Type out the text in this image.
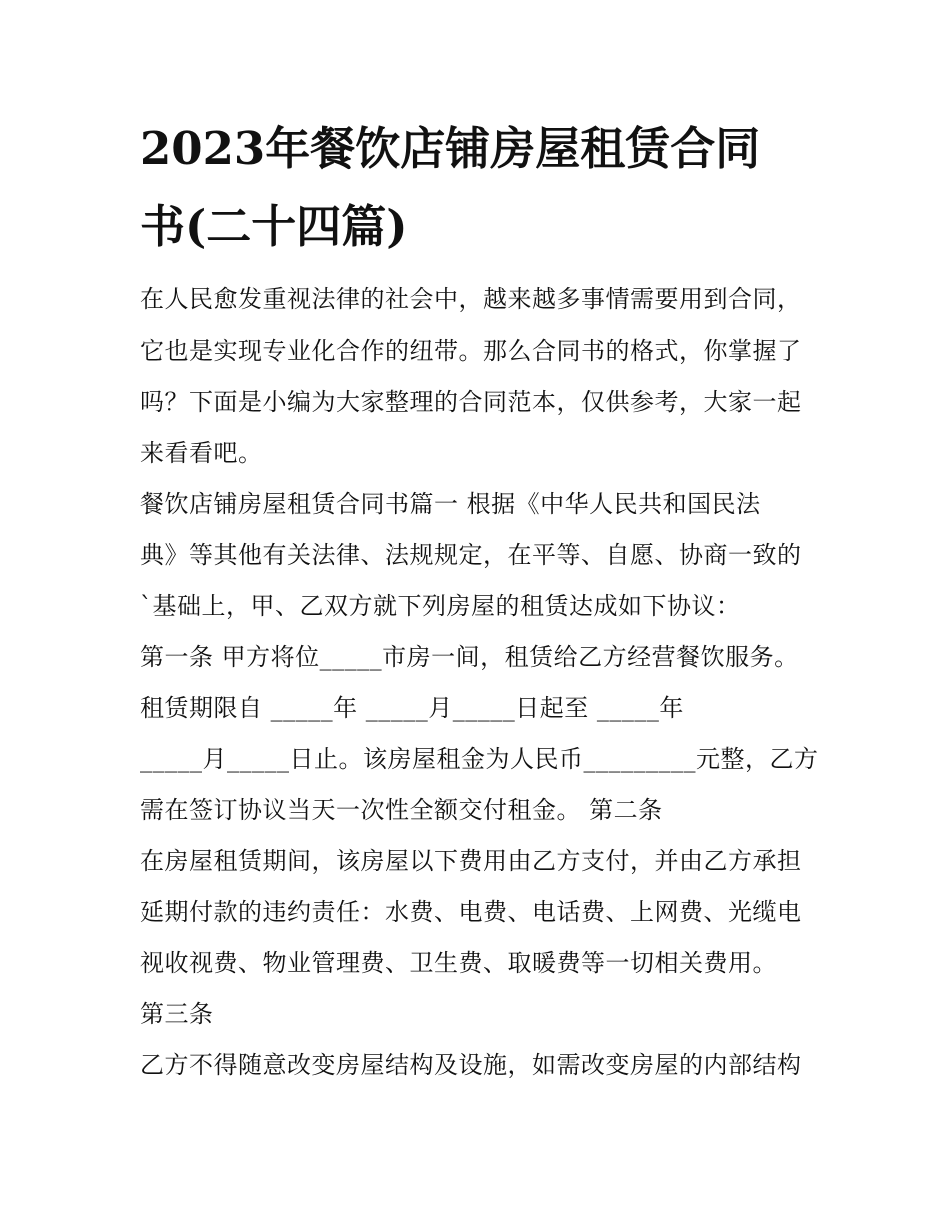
2023年餐饮店铺房屋租赁合同
书(二十四篇)
在人民愈发重视法律的社会中，越来越多事情需要用到合同，
它也是实现专业化合作的纽带。那么合同书的格式，你掌握了
吗？下面是小编为大家整理的合同范本，仅供参考，大家一起
来看看吧。
餐饮店铺房屋租赁合同书篇一 根据《中华人民共和国民法
典》等其他有关法律、法规规定，在平等、自愿、协商一致的
`基础上，甲、乙双方就下列房屋的租赁达成如下协议：
第一条 甲方将位_____市房一间，租赁给乙方经营餐饮服务。
租赁期限自 _____年 _____月_____日起至 _____年
_____月_____日止。该房屋租金为人民币_________元整，乙方
需在签订协议当天一次性全额交付租金。 第二条
在房屋租赁期间，该房屋以下费用由乙方支付，并由乙方承担
延期付款的违约责任：水费、电费、电话费、上网费、光缆电
视收视费、物业管理费、卫生费、取暖费等一切相关费用。
第三条
乙方不得随意改变房屋结构及设施，如需改变房屋的内部结构
